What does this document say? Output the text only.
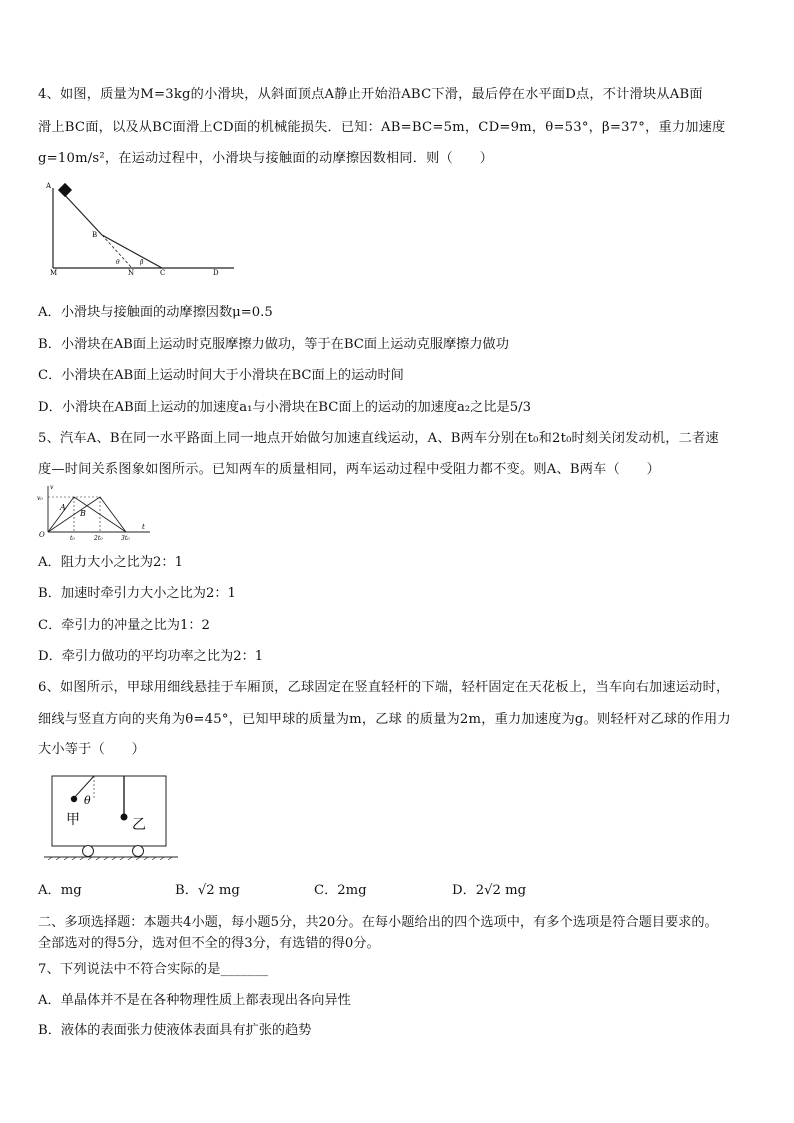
4、如图，质量为M=3kg的小滑块，从斜面顶点A静止开始沿ABC下滑，最后停在水平面D点，不计滑块从AB面
滑上BC面，以及从BC面滑上CD面的机械能损失．已知：AB=BC=5m，CD=9m，θ=53°，β=37°，重力加速度
g=10m/s²，在运动过程中，小滑块与接触面的动摩擦因数相同．则（　　）
A
B
M	N	C	D
θ	β
A．小滑块与接触面的动摩擦因数μ=0.5
B．小滑块在AB面上运动时克服摩擦力做功，等于在BC面上运动克服摩擦力做功
C．小滑块在AB面上运动时间大于小滑块在BC面上的运动时间
D．小滑块在AB面上运动的加速度a₁与小滑块在BC面上的运动的加速度a₂之比是5/3
5、汽车A、B在同一水平路面上同一地点开始做匀加速直线运动，A、B两车分别在t₀和2t₀时刻关闭发动机，二者速
度—时间关系图象如图所示。已知两车的质量相同，两车运动过程中受阻力都不变。则A、B两车（　　）
v
v₀
O
A
B
t₀	2t₀	3t₀
t
A．阻力大小之比为2：1
B．加速时牵引力大小之比为2：1
C．牵引力的冲量之比为1：2
D．牵引力做功的平均功率之比为2：1
6、如图所示，甲球用细线悬挂于车厢顶，乙球固定在竖直轻杆的下端，轻杆固定在天花板上，当车向右加速运动时，
细线与竖直方向的夹角为θ=45°，已知甲球的质量为m，乙球 的质量为2m，重力加速度为g。则轻杆对乙球的作用力
大小等于（　　）
θ
甲	乙
A．mg	B．√2 mg	C．2mg	D．2√2 mg
二、多项选择题：本题共4小题，每小题5分，共20分。在每小题给出的四个选项中，有多个选项是符合题目要求的。
全部选对的得5分，选对但不全的得3分，有选错的得0分。
7、下列说法中不符合实际的是_______
A．单晶体并不是在各种物理性质上都表现出各向异性
B．液体的表面张力使液体表面具有扩张的趋势
